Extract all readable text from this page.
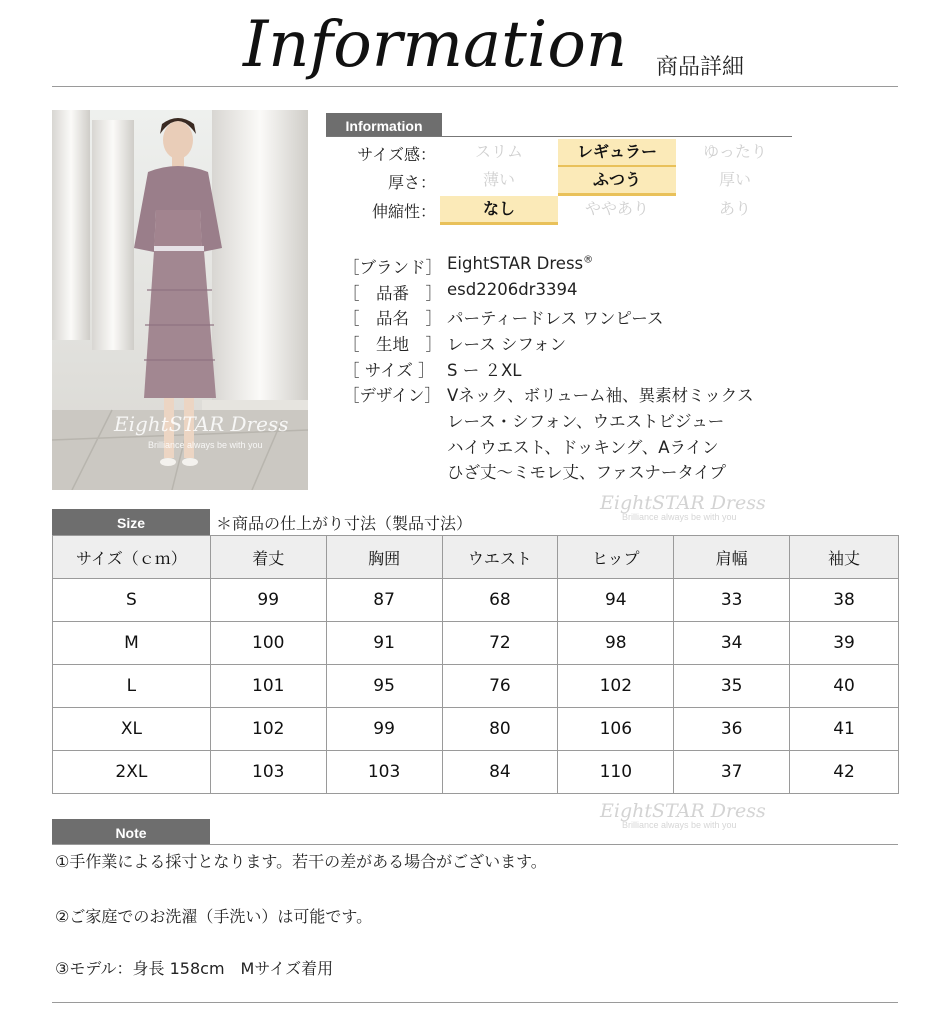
Information 商品詳細
EightSTAR Dress
Brilliance always be with you
Information
サイズ感：	スリム	レギュラー	ゆったり
厚さ：	薄い	ふつう	厚い
伸縮性：	なし	ややあり	あり
［ブランド］ EightSTAR Dress®
［　品番　］ esd2206dr3394
［　品名　］ パーティードレス ワンピース
［　生地　］ レース シフォン
［ サイズ ］ S ー ２XL
［デザイン］ Vネック、ボリューム袖、異素材ミックス
レース・シフォン、ウエストビジュー
ハイウエスト、ドッキング、Aライン
ひざ丈〜ミモレ丈、ファスナータイプ
EightSTAR Dress
Brilliance always be with you
Size	＊商品の仕上がり寸法（製品寸法）
サイズ（ｃｍ）	着丈	胸囲	ウエスト	ヒップ	肩幅	袖丈
S	99	87	68	94	33	38
M	100	91	72	98	34	39
L	101	95	76	102	35	40
XL	102	99	80	106	36	41
2XL	103	103	84	110	37	42
EightSTAR Dress
Brilliance always be with you
Note
①手作業による採寸となります。若干の差がある場合がございます。
②ご家庭でのお洗濯（手洗い）は可能です。
③モデル：身長 158cm　Mサイズ着用
